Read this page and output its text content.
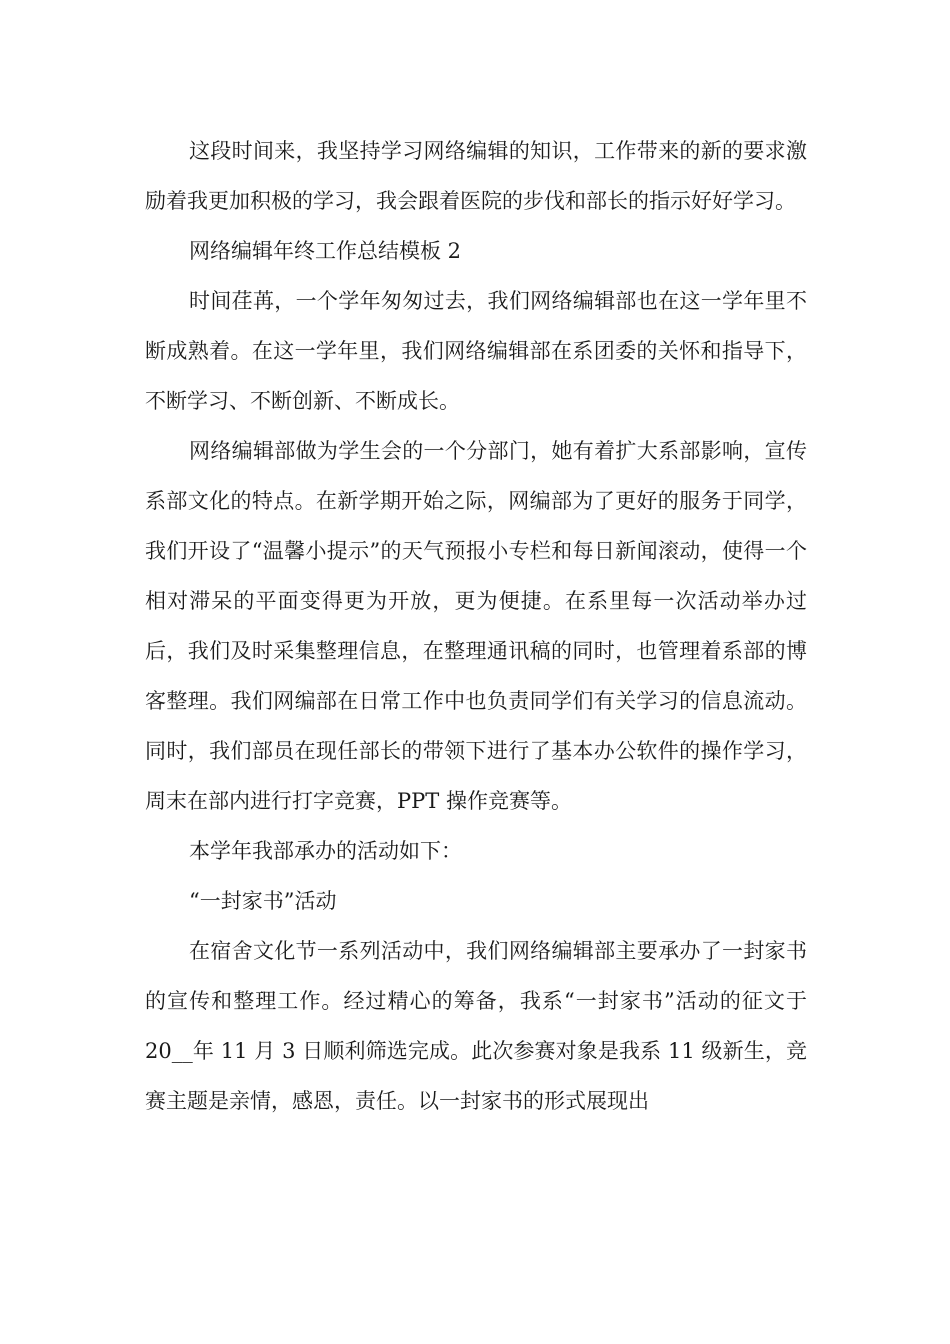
这段时间来，我坚持学习网络编辑的知识，工作带来的新的要求激励着我更加积极的学习，我会跟着医院的步伐和部长的指示好好学习。

网络编辑年终工作总结模板 2

时间荏苒，一个学年匆匆过去，我们网络编辑部也在这一学年里不断成熟着。在这一学年里，我们网络编辑部在系团委的关怀和指导下，不断学习、不断创新、不断成长。

网络编辑部做为学生会的一个分部门，她有着扩大系部影响，宣传系部文化的特点。在新学期开始之际，网编部为了更好的服务于同学，我们开设了“温馨小提示”的天气预报小专栏和每日新闻滚动，使得一个相对滞呆的平面变得更为开放，更为便捷。在系里每一次活动举办过后，我们及时采集整理信息，在整理通讯稿的同时，也管理着系部的博客整理。我们网编部在日常工作中也负责同学们有关学习的信息流动。同时，我们部员在现任部长的带领下进行了基本办公软件的操作学习，周末在部内进行打字竞赛，PPT 操作竞赛等。

本学年我部承办的活动如下：

“一封家书”活动

在宿舍文化节一系列活动中，我们网络编辑部主要承办了一封家书的宣传和整理工作。经过精心的筹备，我系“一封家书”活动的征文于 20__年 11 月 3 日顺利筛选完成。此次参赛对象是我系 11 级新生，竞赛主题是亲情，感恩，责任。以一封家书的形式展现出
